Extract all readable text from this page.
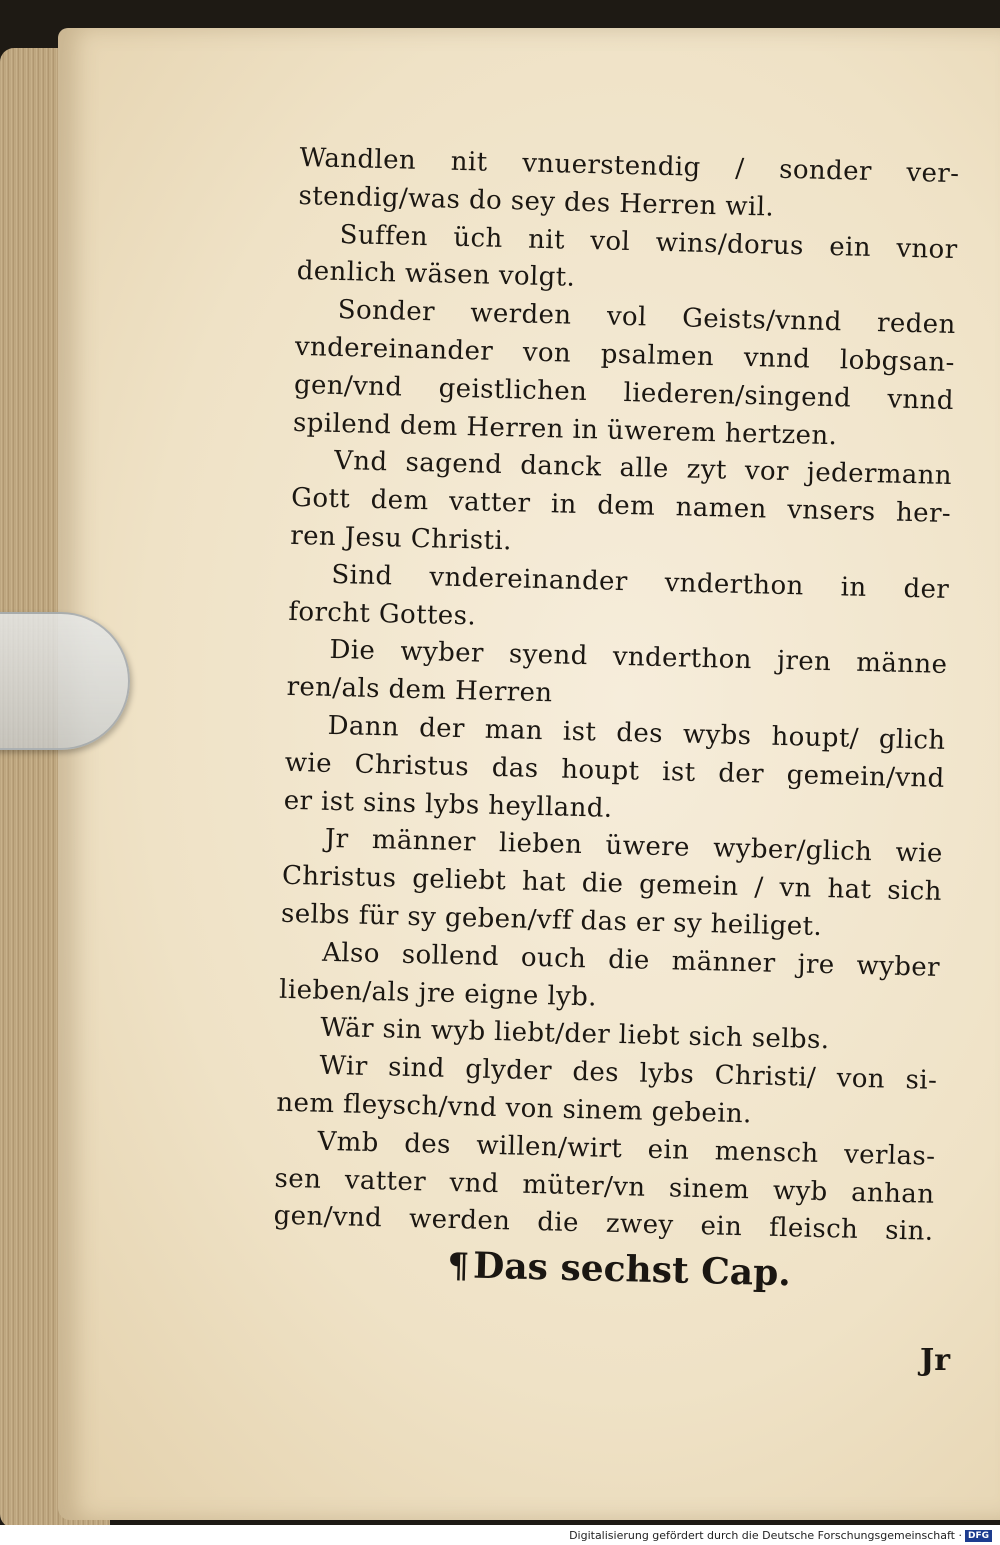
Wandlen nit vnuerstendig / sonder ver-
stendig/was do sey des Herren wil.
Suffen üch nit vol wins/dorus ein vnor
denlich wäsen volgt.
Sonder werden vol Geists/vnnd reden
vndereinander von psalmen vnnd lobgsan-
gen/vnd geistlichen liederen/singend vnnd
spilend dem Herren in üwerem hertzen.
Vnd sagend danck alle zyt vor jedermann
Gott dem vatter in dem namen vnsers her-
ren Jesu Christi.
Sind vndereinander vnderthon in der
forcht Gottes.
Die wyber syend vnderthon jren männe
ren/als dem Herren
Dann der man ist des wybs houpt/ glich
wie Christus das houpt ist der gemein/vnd
er ist sins lybs heylland.
Jr männer lieben üwere wyber/glich wie
Christus geliebt hat die gemein / vn hat sich
selbs für sy geben/vff das er sy heiliget.
Also sollend ouch die männer jre wyber
lieben/als jre eigne lyb.
Wär sin wyb liebt/der liebt sich selbs.
Wir sind glyder des lybs Christi/ von si-
nem fleysch/vnd von sinem gebein.
Vmb des willen/wirt ein mensch verlas-
sen vatter vnd müter/vn sinem wyb anhan
gen/vnd werden die zwey ein fleisch sin.
¶Das sechst Cap.
Jr
Digitalisierung gefördert durch die Deutsche Forschungsgemeinschaft · DFG
